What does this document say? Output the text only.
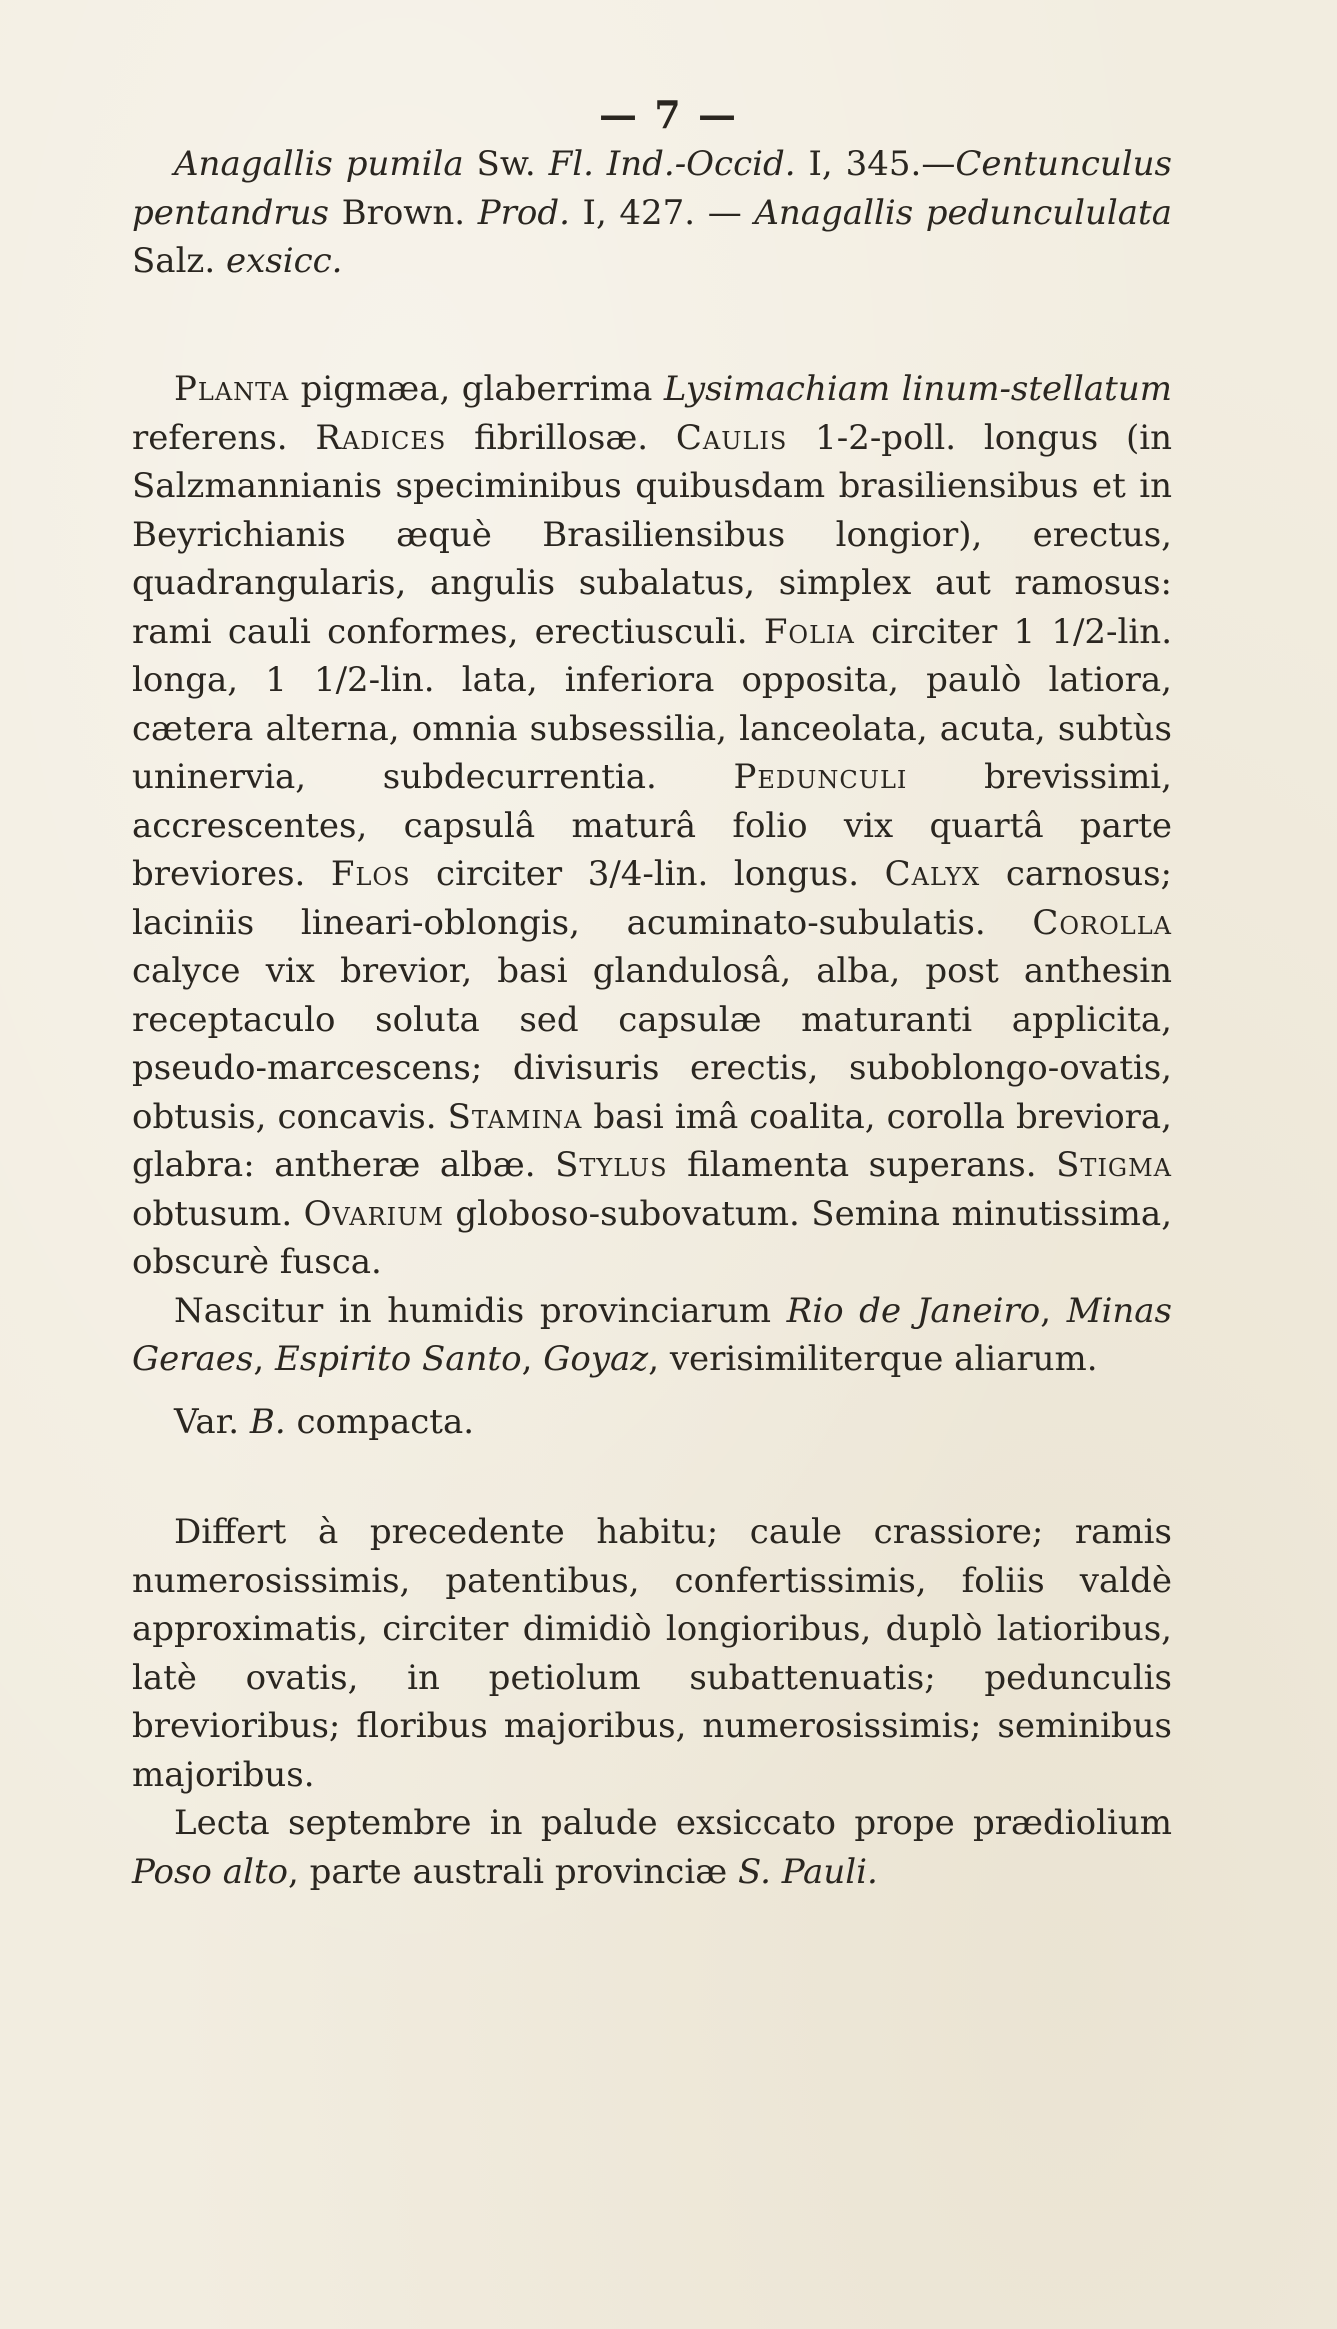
— 7 —

Anagallis pumila Sw. Fl. Ind.-Occid. I, 345.—Centunculus pentandrus Brown. Prod. I, 427. — Anagallis peduncululata Salz. exsicc.

Planta pigmæa, glaberrima Lysimachiam linum-stellatum referens. Radices fibrillosæ. Caulis 1-2-poll. longus (in Salzmannianis speciminibus quibusdam brasiliensibus et in Beyrichianis æquè Brasiliensibus longior), erectus, quadrangularis, angulis subalatus, simplex aut ramosus: rami cauli conformes, erectiusculi. Folia circiter 1 1/2-lin. longa, 1 1/2-lin. lata, inferiora opposita, paulò latiora, cætera alterna, omnia subsessilia, lanceolata, acuta, subtùs uninervia, subdecurrentia. Pedunculi brevissimi, accrescentes, capsulâ maturâ folio vix quartâ parte breviores. Flos circiter 3/4-lin. longus. Calyx carnosus; laciniis lineari-oblongis, acuminato-subulatis. Corolla calyce vix brevior, basi glandulosâ, alba, post anthesin receptaculo soluta sed capsulæ maturanti applicita, pseudo-marcescens; divisuris erectis, suboblongo-ovatis, obtusis, concavis. Stamina basi imâ coalita, corolla breviora, glabra: antheræ albæ. Stylus filamenta superans. Stigma obtusum. Ovarium globoso-subovatum. Semina minutissima, obscurè fusca.

Nascitur in humidis provinciarum Rio de Janeiro, Minas Geraes, Espirito Santo, Goyaz, verisimiliterque aliarum.

Var. B. compacta.

Differt à precedente habitu; caule crassiore; ramis numerosissimis, patentibus, confertissimis, foliis valdè approximatis, circiter dimidiò longioribus, duplò latioribus, latè ovatis, in petiolum subattenuatis; pedunculis brevioribus; floribus majoribus, numerosissimis; seminibus majoribus.

Lecta septembre in palude exsiccato prope prædiolium Poso alto, parte australi provinciæ S. Pauli.
